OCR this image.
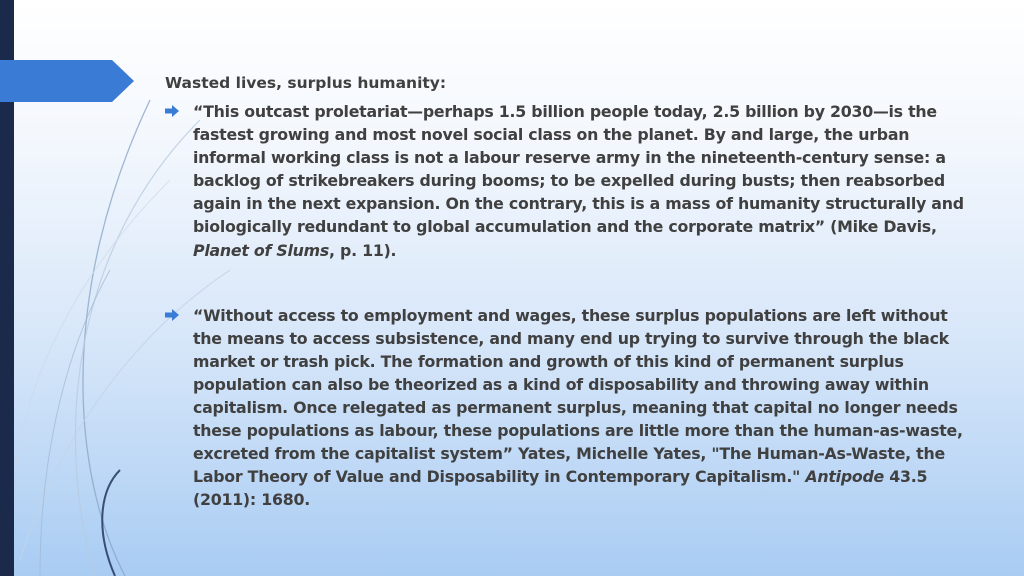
Wasted lives, surplus humanity:
“This outcast proletariat—perhaps 1.5 billion people today, 2.5 billion by 2030—is the fastest growing and most novel social class on the planet. By and large, the urban informal working class is not a labour reserve army in the nineteenth-century sense: a backlog of strikebreakers during booms; to be expelled during busts; then reabsorbed again in the next expansion. On the contrary, this is a mass of humanity structurally and biologically redundant to global accumulation and the corporate matrix” (Mike Davis, Planet of Slums, p. 11).
“Without access to employment and wages, these surplus populations are left without the means to access subsistence, and many end up trying to survive through the black market or trash pick. The formation and growth of this kind of permanent surplus population can also be theorized as a kind of disposability and throwing away within capitalism. Once relegated as permanent surplus, meaning that capital no longer needs these populations as labour, these populations are little more than the human-as-waste, excreted from the capitalist system” Yates, Michelle Yates, "The Human-As-Waste, the Labor Theory of Value and Disposability in Contemporary Capitalism." Antipode 43.5 (2011): 1680.
